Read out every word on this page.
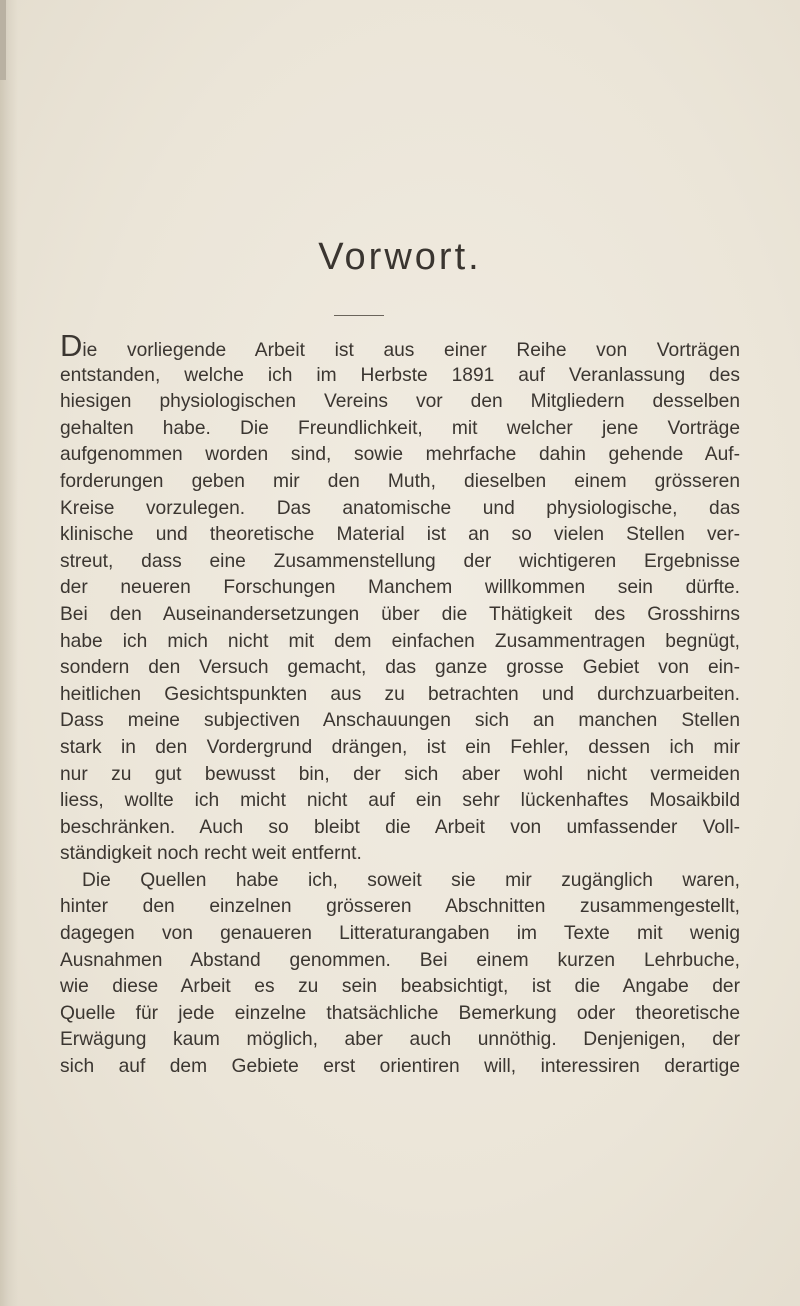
Vorwort.
Die vorliegende Arbeit ist aus einer Reihe von Vorträgen
entstanden, welche ich im Herbste 1891 auf Veranlassung des
hiesigen physiologischen Vereins vor den Mitgliedern desselben
gehalten habe. Die Freundlichkeit, mit welcher jene Vorträge
aufgenommen worden sind, sowie mehrfache dahin gehende Auf-
forderungen geben mir den Muth, dieselben einem grösseren
Kreise vorzulegen. Das anatomische und physiologische, das
klinische und theoretische Material ist an so vielen Stellen ver-
streut, dass eine Zusammenstellung der wichtigeren Ergebnisse
der neueren Forschungen Manchem willkommen sein dürfte.
Bei den Auseinandersetzungen über die Thätigkeit des Grosshirns
habe ich mich nicht mit dem einfachen Zusammentragen begnügt,
sondern den Versuch gemacht, das ganze grosse Gebiet von ein-
heitlichen Gesichtspunkten aus zu betrachten und durchzuarbeiten.
Dass meine subjectiven Anschauungen sich an manchen Stellen
stark in den Vordergrund drängen, ist ein Fehler, dessen ich mir
nur zu gut bewusst bin, der sich aber wohl nicht vermeiden
liess, wollte ich micht nicht auf ein sehr lückenhaftes Mosaikbild
beschränken. Auch so bleibt die Arbeit von umfassender Voll-
ständigkeit noch recht weit entfernt.
Die Quellen habe ich, soweit sie mir zugänglich waren,
hinter den einzelnen grösseren Abschnitten zusammengestellt,
dagegen von genaueren Litteraturangaben im Texte mit wenig
Ausnahmen Abstand genommen. Bei einem kurzen Lehrbuche,
wie diese Arbeit es zu sein beabsichtigt, ist die Angabe der
Quelle für jede einzelne thatsächliche Bemerkung oder theoretische
Erwägung kaum möglich, aber auch unnöthig. Denjenigen, der
sich auf dem Gebiete erst orientiren will, interessiren derartige
